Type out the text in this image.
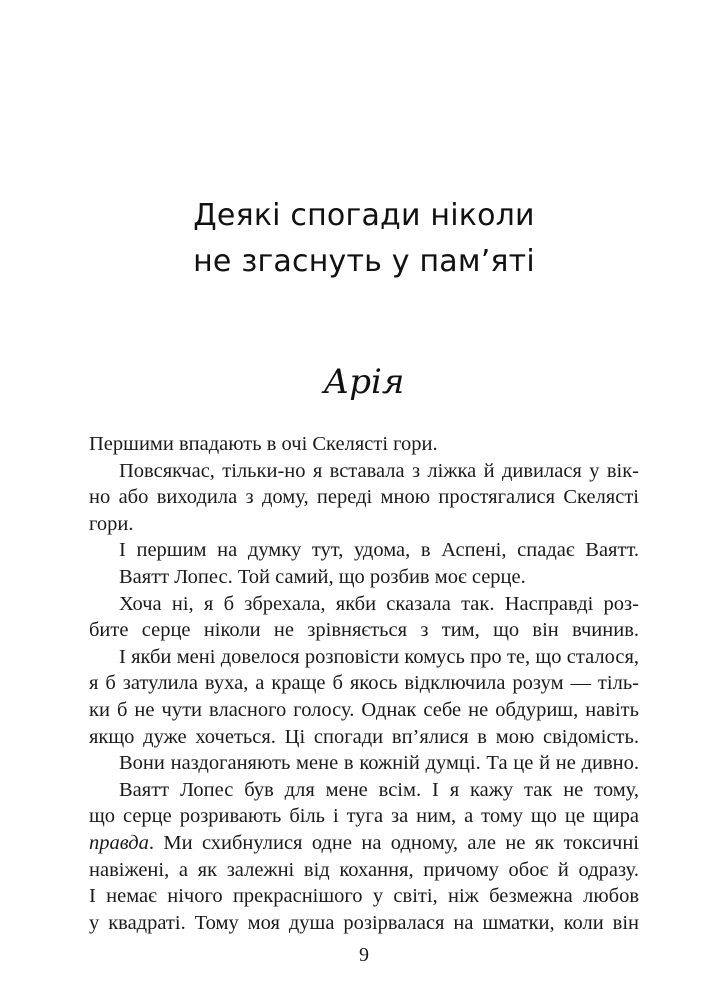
Деякі спогади ніколи
не згаснуть у пам’яті
Арія
Першими впадають в очі Скелясті гори.
Повсякчас, тільки-но я вставала з ліжка й дивилася у вік-
но або виходила з дому, переді мною простягалися Скелясті
гори.
І першим на думку тут, удома, в Аспені, спадає Ваятт.
Ваятт Лопес. Той самий, що розбив моє серце.
Хоча ні, я б збрехала, якби сказала так. Насправді роз-
бите серце ніколи не зрівняється з тим, що він вчинив.
І якби мені довелося розповісти комусь про те, що сталося,
я б затулила вуха, а краще б якось відключила розум — тіль-
ки б не чути власного голосу. Однак себе не обдуриш, навіть
якщо дуже хочеться. Ці спогади вп’ялися в мою свідомість.
Вони наздоганяють мене в кожній думці. Та це й не дивно.
Ваятт Лопес був для мене всім. І я кажу так не тому,
що серце розривають біль і туга за ним, а тому що це щира
правда. Ми схибнулися одне на одному, але не як токсичні
навіжені, а як залежні від кохання, причому обоє й одразу.
І немає нічого прекраснішого у світі, ніж безмежна любов
у квадраті. Тому моя душа розірвалася на шматки, коли він
9
